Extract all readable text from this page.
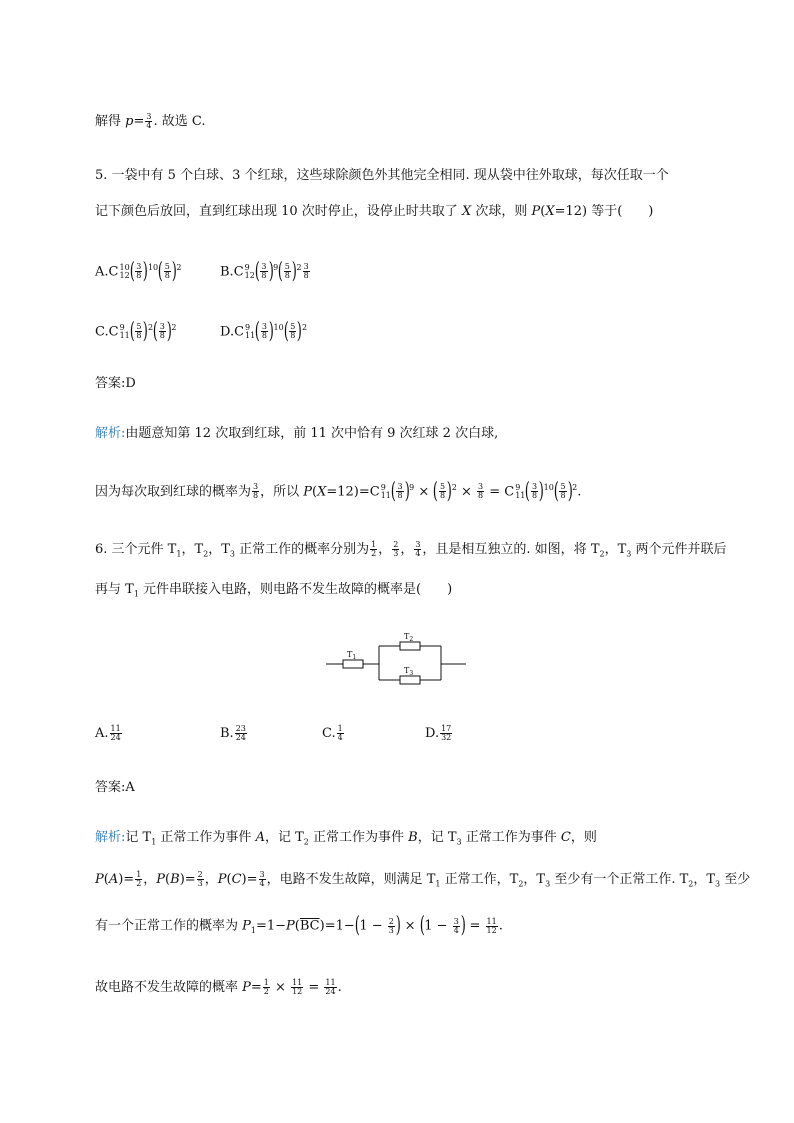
解得 $p= \frac{3}{4}$ . 故选 C.
5. 一袋中有 5 个白球、3 个红球，这些球除颜色外其他完全相同. 现从袋中往外取球，每次任取一个
记下颜色后放回，直到红球出现 10 次时停止，设停止时共取了 X 次球，则 P(X=12) 等于(　　)
A.C 10
12 ( $\frac{3}{8} )^{10}( \frac{5}{8} )^2$	B.C 9
12 ( $\frac{3}{8} )^9( \frac{5}{8} )^2 \frac{3}{8}$
C.C 9
11 ( $\frac{5}{8} )^2( \frac{3}{8} )^2$	D.C 9
11 ( $\frac{3}{8} )^{10}( \frac{5}{8} )^2$
答案:D
解析:由题意知第 12 次取到红球，前 11 次中恰有 9 次红球 2 次白球,
因为每次取到红球的概率为 $\frac{3}{8}$ ，所以 P(X=12)=C 9
11 ( $\frac{3}{8} )^9$ × ( $\frac{5}{8} )^2 \times \frac{3}{8} = C$ 9
11 ( $\frac{3}{8} )^{10}( \frac{5}{8} )^2$.
6. 三个元件 $T_1$，$T_2$，$T_3$ 正常工作的概率分别为 $\frac{1}{2}$ ， $\frac{2}{3}$ ， $\frac{3}{4}$ ，且是相互独立的. 如图，将 $T_2$，$T_3$ 两个元件并联后
再与 $T_1$ 元件串联接入电路，则电路不发生故障的概率是(　　)
$T_1$
$T_2$
$T_3$
A. $\frac{11}{24}$	B. $\frac{23}{24}$	C. $\frac{1}{4}$	D. $\frac{17}{32}$
答案:A
解析:记 $T_1$ 正常工作为事件 A，记 $T_2$ 正常工作为事件 B，记 $T_3$ 正常工作为事件 C，则
$P(A)= \frac{1}{2}$ ，$P(B)= \frac{2}{3}$ ，$P(C)= \frac{3}{4}$ ，电路不发生故障，则满足 $T_1$ 正常工作，$T_2$，$T_3$ 至少有一个正常工作. $T_2$，$T_3$ 至少
有一个正常工作的概率为 $P_1=1-P(\overline{BC})=1-(1 - \frac{2}{3}$ ) × ($1 - \frac{3}{4}$ ) = $\frac{11}{12}$ .
故电路不发生故障的概率 $P= \frac{1}{2} \times \frac{11}{12} = \frac{11}{24}$ .
